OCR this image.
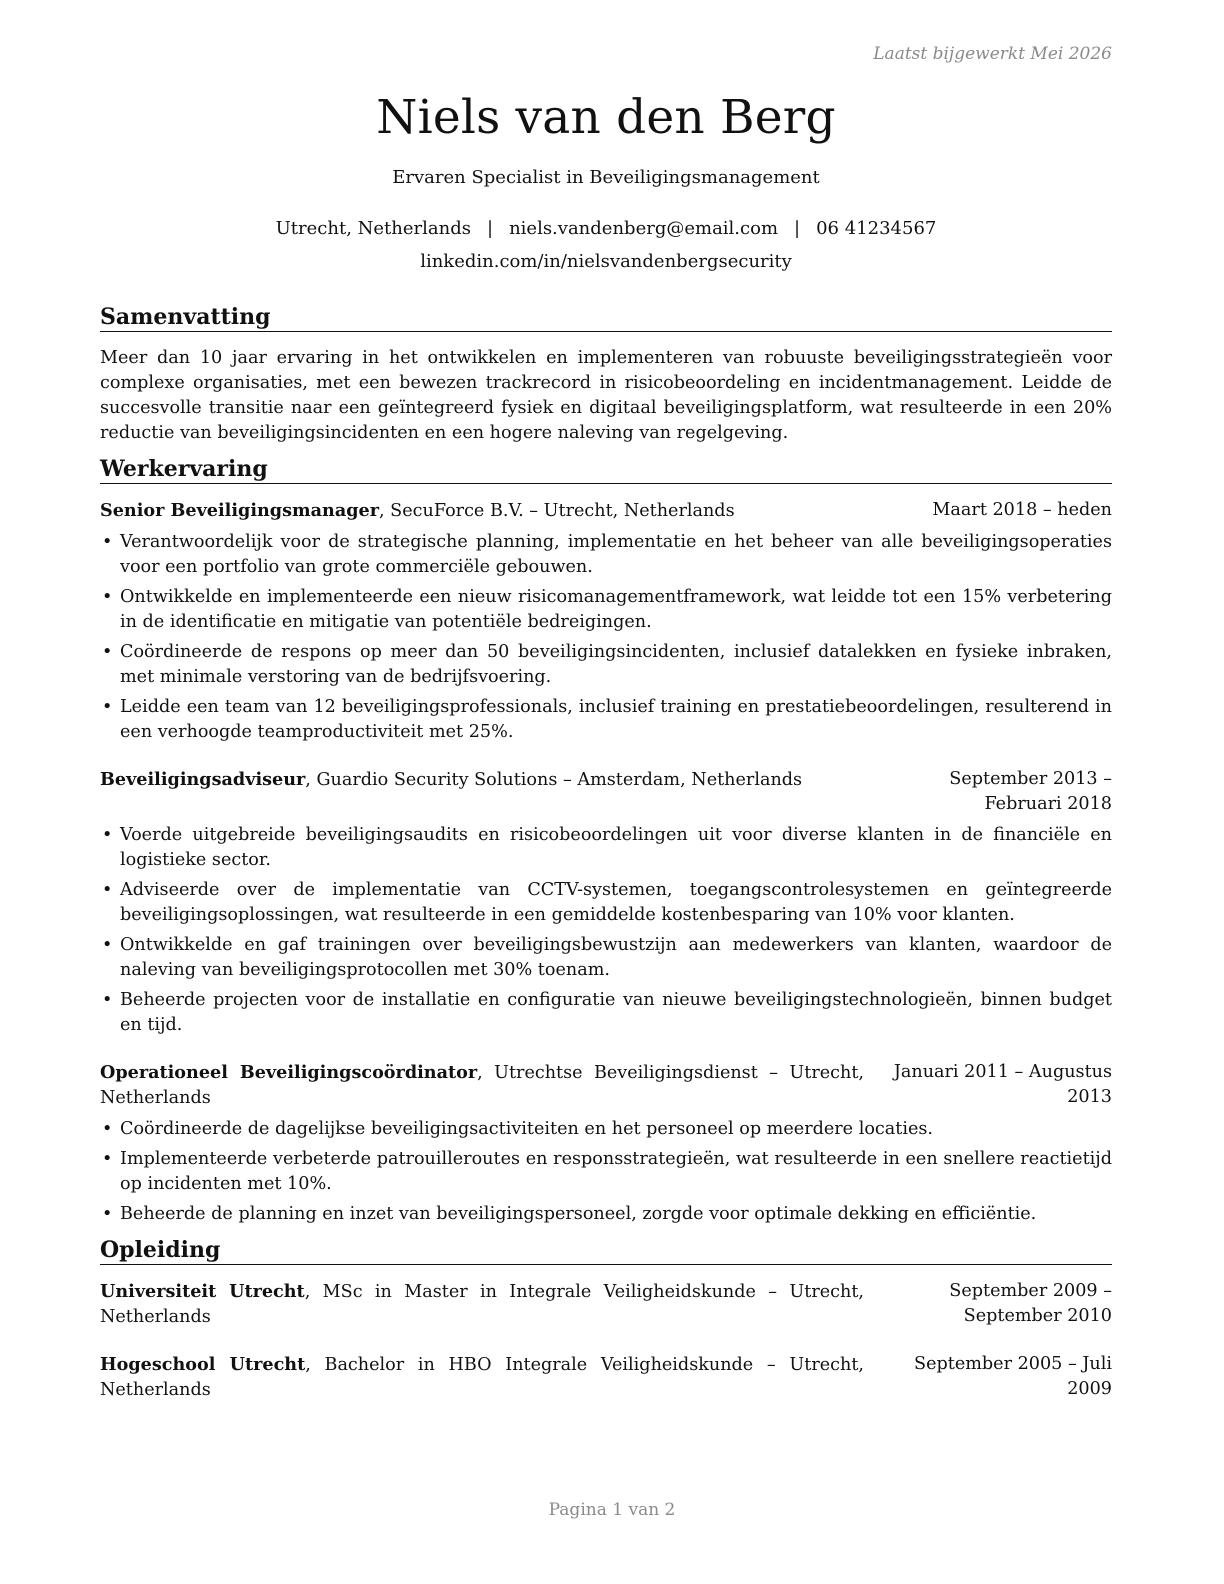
Laatst bijgewerkt Mei 2026
Niels van den Berg
Ervaren Specialist in Beveiligingsmanagement
Utrecht, Netherlands | niels.vandenberg@email.com | 06 41234567
linkedin.com/in/nielsvandenbergsecurity
Samenvatting
Meer dan 10 jaar ervaring in het ontwikkelen en implementeren van robuuste beveiligingsstrategieën voor complexe organisaties, met een bewezen trackrecord in risicobeoordeling en incidentmanagement. Leidde de succesvolle transitie naar een geïntegreerd fysiek en digitaal beveiligingsplatform, wat resulteerde in een 20% reductie van beveiligingsincidenten en een hogere naleving van regelgeving.
Werkervaring
Senior Beveiligingsmanager, SecuForce B.V. – Utrecht, Netherlands	Maart 2018 – heden
• Verantwoordelijk voor de strategische planning, implementatie en het beheer van alle beveiligingsoperaties voor een portfolio van grote commerciële gebouwen.
• Ontwikkelde en implementeerde een nieuw risicomanagementframework, wat leidde tot een 15% verbetering in de identificatie en mitigatie van potentiële bedreigingen.
• Coördineerde de respons op meer dan 50 beveiligingsincidenten, inclusief datalekken en fysieke inbraken, met minimale verstoring van de bedrijfsvoering.
• Leidde een team van 12 beveiligingsprofessionals, inclusief training en prestatiebeoordelingen, resulterend in een verhoogde teamproductiviteit met 25%.
Beveiligingsadviseur, Guardio Security Solutions – Amsterdam, Netherlands	September 2013 – Februari 2018
• Voerde uitgebreide beveiligingsaudits en risicobeoordelingen uit voor diverse klanten in de financiële en logistieke sector.
• Adviseerde over de implementatie van CCTV-systemen, toegangscontrolesystemen en geïntegreerde beveiligingsoplossingen, wat resulteerde in een gemiddelde kostenbesparing van 10% voor klanten.
• Ontwikkelde en gaf trainingen over beveiligingsbewustzijn aan medewerkers van klanten, waardoor de naleving van beveiligingsprotocollen met 30% toenam.
• Beheerde projecten voor de installatie en configuratie van nieuwe beveiligingstechnologieën, binnen budget en tijd.
Operationeel Beveiligingscoördinator, Utrechtse Beveiligingsdienst – Utrecht, Netherlands
Januari 2011 – Augustus 2013
• Coördineerde de dagelijkse beveiligingsactiviteiten en het personeel op meerdere locaties.
• Implementeerde verbeterde patrouilleroutes en responsstrategieën, wat resulteerde in een snellere reactietijd op incidenten met 10%.
• Beheerde de planning en inzet van beveiligingspersoneel, zorgde voor optimale dekking en efficiëntie.
Opleiding
Universiteit Utrecht, MSc in Master in Integrale Veiligheidskunde – Utrecht, Netherlands
September 2009 – September 2010
Hogeschool Utrecht, Bachelor in HBO Integrale Veiligheidskunde – Utrecht, Netherlands
September 2005 – Juli 2009
Pagina 1 van 2
